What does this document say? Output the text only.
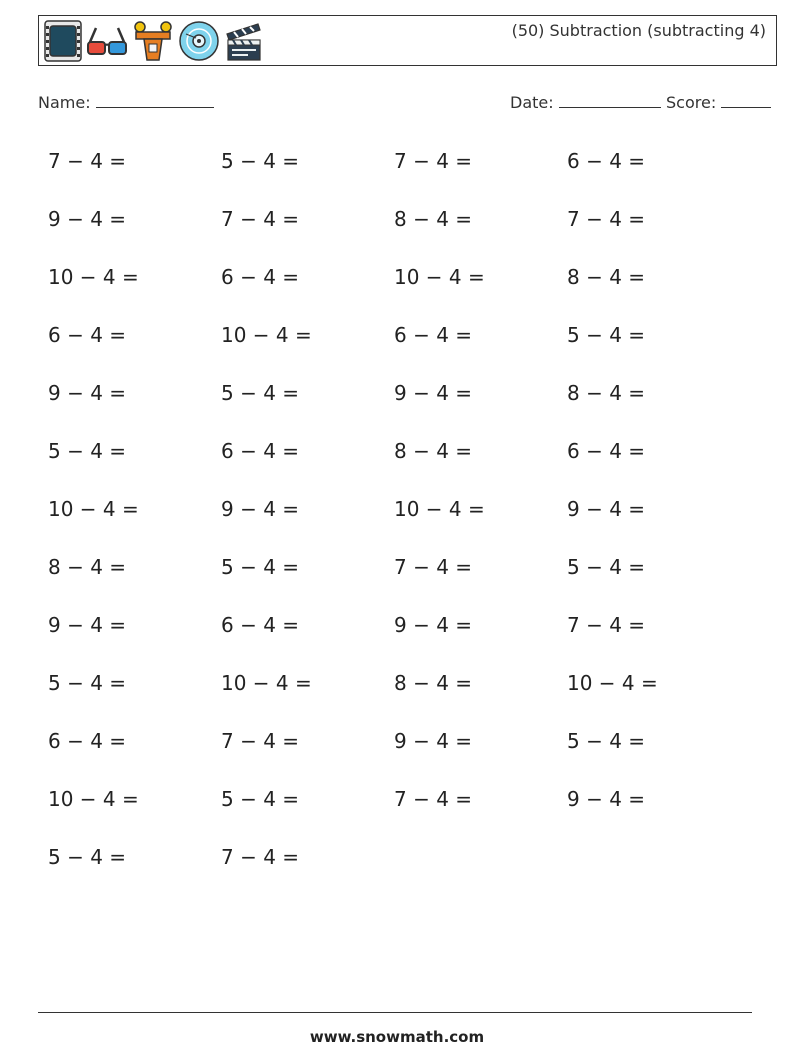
(50) Subtraction (subtracting 4)
Name:	Date:	Score:
7 − 4 =	5 − 4 =	7 − 4 =	6 − 4 =
9 − 4 =	7 − 4 =	8 − 4 =	7 − 4 =
10 − 4 =	6 − 4 =	10 − 4 =	8 − 4 =
6 − 4 =	10 − 4 =	6 − 4 =	5 − 4 =
9 − 4 =	5 − 4 =	9 − 4 =	8 − 4 =
5 − 4 =	6 − 4 =	8 − 4 =	6 − 4 =
10 − 4 =	9 − 4 =	10 − 4 =	9 − 4 =
8 − 4 =	5 − 4 =	7 − 4 =	5 − 4 =
9 − 4 =	6 − 4 =	9 − 4 =	7 − 4 =
5 − 4 =	10 − 4 =	8 − 4 =	10 − 4 =
6 − 4 =	7 − 4 =	9 − 4 =	5 − 4 =
10 − 4 =	5 − 4 =	7 − 4 =	9 − 4 =
5 − 4 =	7 − 4 =
www.snowmath.com
